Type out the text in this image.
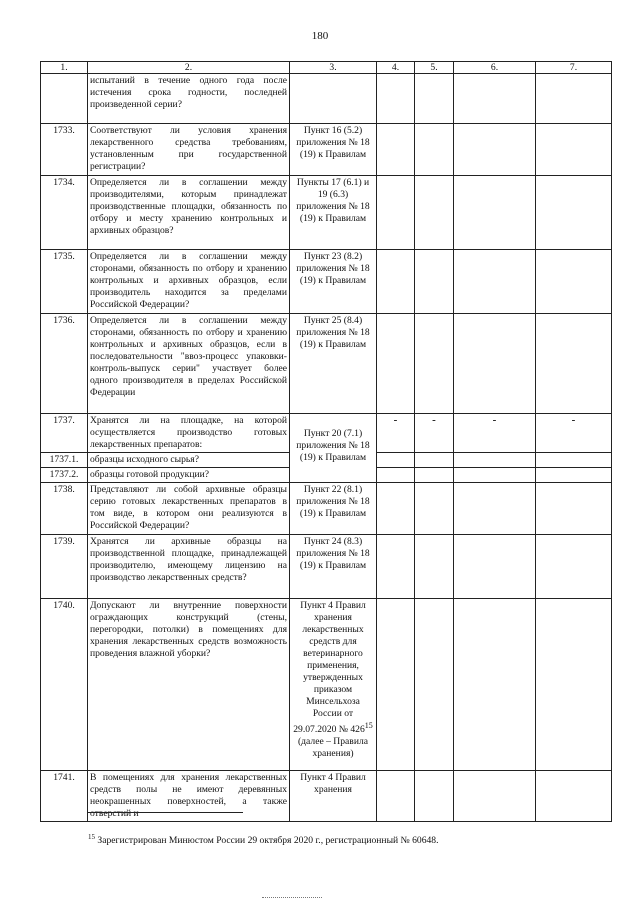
180
1.	2.	3.	4.	5.	6.	7.
	испытаний в течение одного года после истечения срока годности, последней произведенной серии?					
1733.	Соответствуют ли условия хранения лекарственного средства требованиям, установленным при государственной регистрации?	Пункт 16 (5.2) приложения № 18 (19) к Правилам				
1734.	Определяется ли в соглашении между производителями, которым принадлежат производственные площадки, обязанность по отбору и месту хранению контрольных и архивных образцов?	Пункты 17 (6.1) и 19 (6.3) приложения № 18 (19) к Правилам				
1735.	Определяется ли в соглашении между сторонами, обязанность по отбору и хранению контрольных и архивных образцов, если производитель находится за пределами Российской Федерации?	Пункт 23 (8.2) приложения № 18 (19) к Правилам				
1736.	Определяется ли в соглашении между сторонами, обязанность по отбору и хранению контрольных и архивных образцов, если в последовательности "ввоз-процесс упаковки-контроль-выпуск серии" участвует более одного производителя в пределах Российской Федерации	Пункт 25 (8.4) приложения № 18 (19) к Правилам				
1737.	Хранятся ли на площадке, на которой осуществляется производство готовых лекарственных препаратов:	Пункт 20 (7.1) приложения № 18 (19) к Правилам	-	-	-	-
1737.1.	образцы исходного сырья?					
1737.2.	образцы готовой продукции?					
1738.	Представляют ли собой архивные образцы серию готовых лекарственных препаратов в том виде, в котором они реализуются в Российской Федерации?	Пункт 22 (8.1) приложения № 18 (19) к Правилам				
1739.	Хранятся ли архивные образцы на производственной площадке, принадлежащей производителю, имеющему лицензию на производство лекарственных средств?	Пункт 24 (8.3) приложения № 18 (19) к Правилам				
1740.	Допускают ли внутренние поверхности ограждающих конструкций (стены, перегородки, потолки) в помещениях для хранения лекарственных средств возможность проведения влажной уборки?	Пункт 4 Правил хранения лекарственных средств для ветеринарного применения, утвержденных приказом Минсельхоза России от 29.07.2020 № $426^{15}$ (далее – Правила хранения)				
1741.	В помещениях для хранения лекарственных средств полы не имеют деревянных неокрашенных поверхностей, а также отверстий и	Пункт 4 Правил хранения				
$^{15}$ Зарегистрирован Минюстом России 29 октября 2020 г., регистрационный № 60648.
